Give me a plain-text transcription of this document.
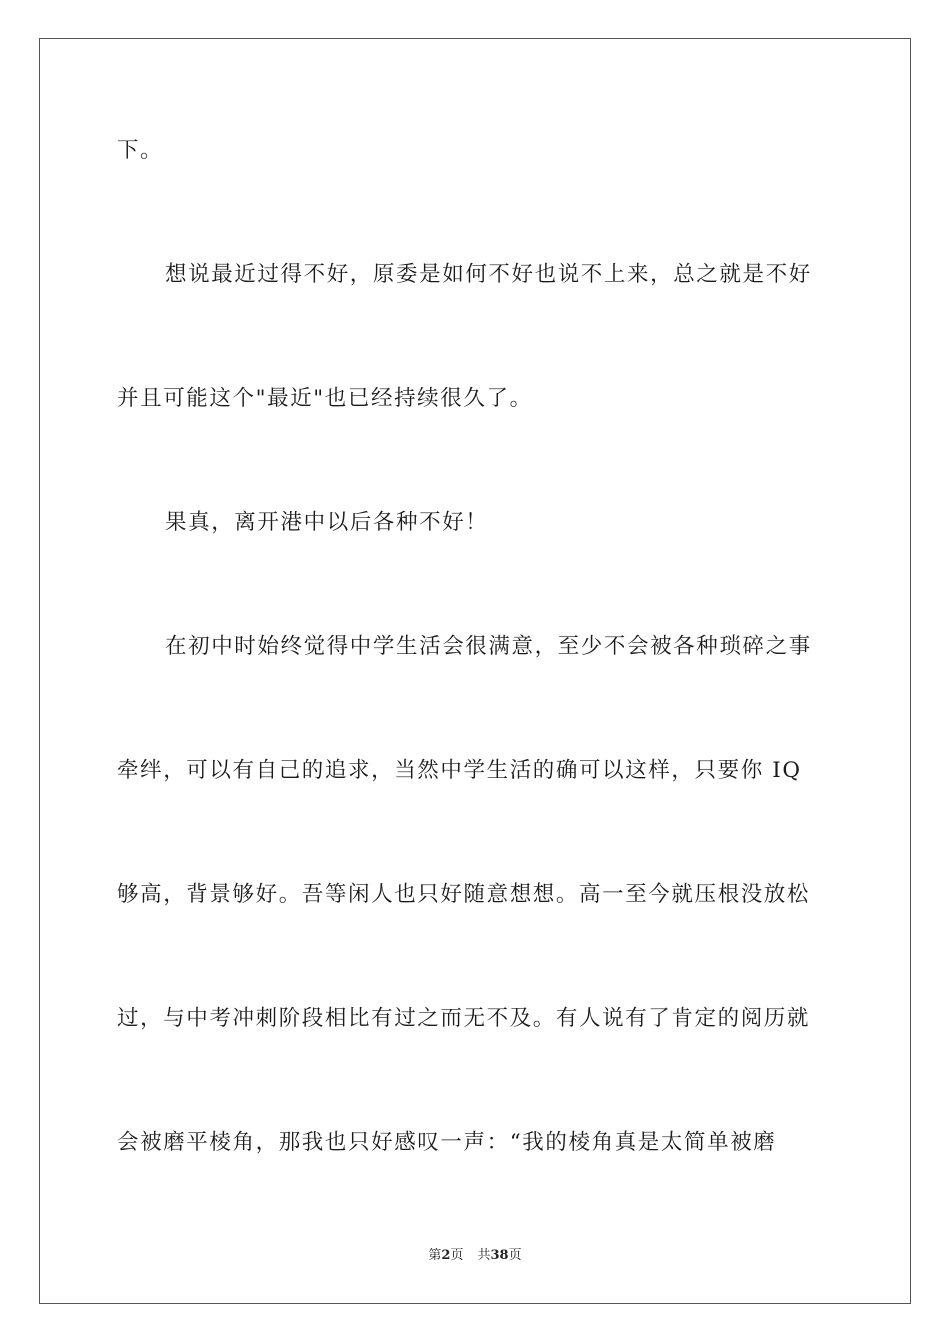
下。
想说最近过得不好，原委是如何不好也说不上来，总之就是不好
并且可能这个"最近"也已经持续很久了。
果真，离开港中以后各种不好！
在初中时始终觉得中学生活会很满意，至少不会被各种琐碎之事
牵绊，可以有自己的追求，当然中学生活的确可以这样，只要你 IQ
够高，背景够好。吾等闲人也只好随意想想。高一至今就压根没放松
过，与中考冲刺阶段相比有过之而无不及。有人说有了肯定的阅历就
会被磨平棱角，那我也只好感叹一声：“我的棱角真是太简单被磨
第2页 共38页
